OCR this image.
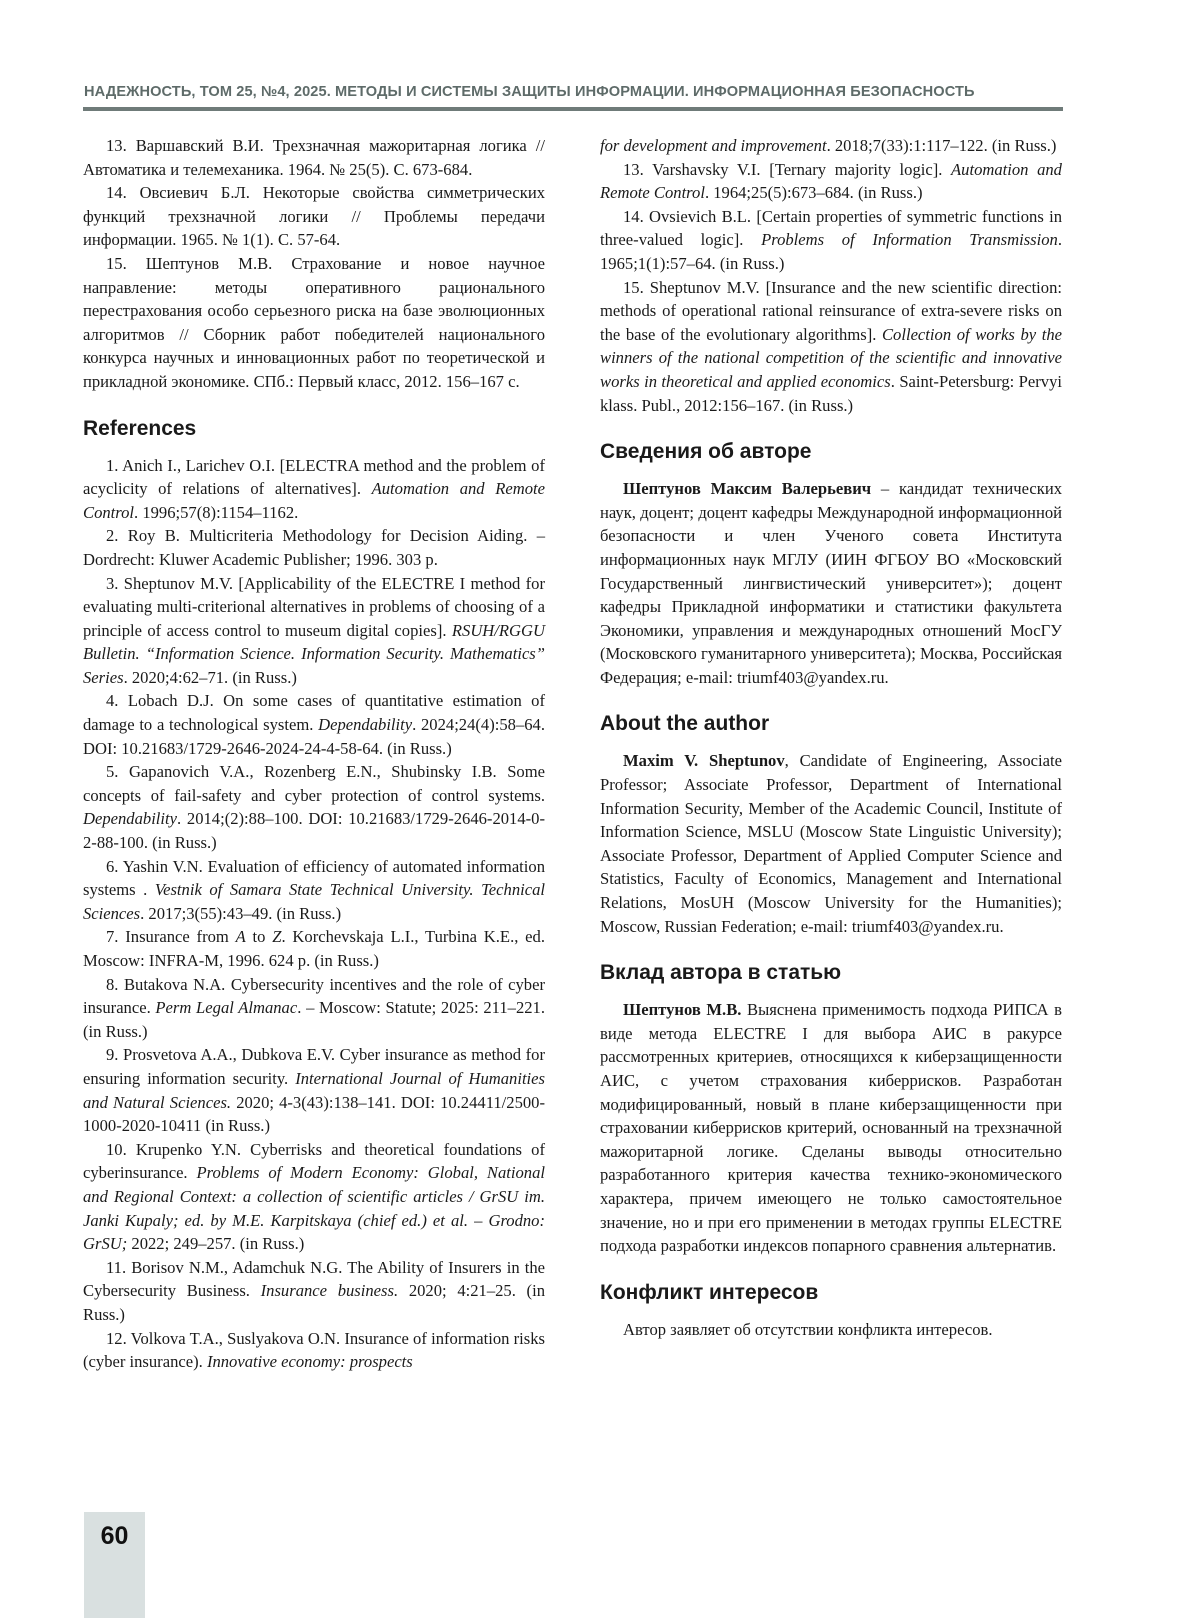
НАДЕЖНОСТЬ, ТОМ 25, №4, 2025. МЕТОДЫ И СИСТЕМЫ ЗАЩИТЫ ИНФОРМАЦИИ. ИНФОРМАЦИОННАЯ БЕЗОПАСНОСТЬ

13. Варшавский В.И. Трехзначная мажоритарная логика // Автоматика и телемеханика. 1964. № 25(5). С. 673-684.

14. Овсиевич Б.Л. Некоторые свойства симметрических функций трехзначной логики // Проблемы передачи информации. 1965. № 1(1). С. 57-64.

15. Шептунов М.В. Страхование и новое научное направление: методы оперативного рационального перестрахования особо серьезного риска на базе эволюционных алгоритмов // Сборник работ победителей национального конкурса научных и инновационных работ по теоретической и прикладной экономике. СПб.: Первый класс, 2012. 156–167 с.

References

1. Anich I., Larichev O.I. [ELECTRA method and the problem of acyclicity of relations of alternatives]. Automation and Remote Control. 1996;57(8):1154–1162.

2. Roy B. Multicriteria Methodology for Decision Aiding. – Dordrecht: Kluwer Academic Publisher; 1996. 303 p.

3. Sheptunov M.V. [Applicability of the ELECTRE I method for evaluating multi-criterional alternatives in problems of choosing of a principle of access control to museum digital copies]. RSUH/RGGU Bulletin. “Information Science. Information Security. Mathematics” Series. 2020;4:62–71. (in Russ.)

4. Lobach D.J. On some cases of quantitative estimation of damage to a technological system. Dependability. 2024;24(4):58–64. DOI: 10.21683/1729-2646-2024-24-4-58-64. (in Russ.)

5. Gapanovich V.A., Rozenberg E.N., Shubinsky I.B. Some concepts of fail-safety and cyber protection of control systems. Dependability. 2014;(2):88–100. DOI: 10.21683/1729-2646-2014-0-2-88-100. (in Russ.)

6. Yashin V.N. Evaluation of efficiency of automated information systems . Vestnik of Samara State Technical University. Technical Sciences. 2017;3(55):43–49. (in Russ.)

7. Insurance from A to Z. Korchevskaja L.I., Turbina K.E., ed. Moscow: INFRA-M, 1996. 624 p. (in Russ.)

8. Butakova N.A. Cybersecurity incentives and the role of cyber insurance. Perm Legal Almanac. – Moscow: Statute; 2025: 211–221. (in Russ.)

9. Prosvetova A.A., Dubkova E.V. Cyber insurance as method for ensuring information security. International Journal of Humanities and Natural Sciences. 2020; 4-3(43):138–141. DOI: 10.24411/2500-1000-2020-10411 (in Russ.)

10. Krupenko Y.N. Cyberrisks and theoretical foundations of cyberinsurance. Problems of Modern Economy: Global, National and Regional Context: a collection of scientific articles / GrSU im. Janki Kupaly; ed. by M.E. Karpitskaya (chief ed.) et al. – Grodno: GrSU; 2022; 249–257. (in Russ.)

11. Borisov N.M., Adamchuk N.G. The Ability of Insurers in the Cybersecurity Business. Insurance business. 2020; 4:21–25. (in Russ.)

12. Volkova T.A., Suslyakova O.N. Insurance of information risks (cyber insurance). Innovative economy: prospects

for development and improvement. 2018;7(33):1:117–122. (in Russ.)

13. Varshavsky V.I. [Ternary majority logic]. Automation and Remote Control. 1964;25(5):673–684. (in Russ.)

14. Ovsievich B.L. [Certain properties of symmetric functions in three-valued logic]. Problems of Information Transmission. 1965;1(1):57–64. (in Russ.)

15. Sheptunov M.V. [Insurance and the new scientific direction: methods of operational rational reinsurance of extra-severe risks on the base of the evolutionary algorithms]. Collection of works by the winners of the national competition of the scientific and innovative works in theoretical and applied economics. Saint-Petersburg: Pervyi klass. Publ., 2012:156–167. (in Russ.)

Сведения об авторе

Шептунов Максим Валерьевич – кандидат технических наук, доцент; доцент кафедры Международной информационной безопасности и член Ученого совета Института информационных наук МГЛУ (ИИН ФГБОУ ВО «Московский Государственный лингвистический университет»); доцент кафедры Прикладной информатики и статистики факультета Экономики, управления и международных отношений МосГУ (Московского гуманитарного университета); Москва, Российская Федерация; e-mail: triumf403@yandex.ru.

About the author

Maxim V. Sheptunov, Candidate of Engineering, Associate Professor; Associate Professor, Department of International Information Security, Member of the Academic Council, Institute of Information Science, MSLU (Moscow State Linguistic University); Associate Professor, Department of Applied Computer Science and Statistics, Faculty of Economics, Management and International Relations, MosUH (Moscow University for the Humanities); Moscow, Russian Federation; e-mail: triumf403@yandex.ru.

Вклад автора в статью

Шептунов М.В. Выяснена применимость подхода РИПСА в виде метода ELECTRE I для выбора АИС в ракурсе рассмотренных критериев, относящихся к киберзащищенности АИС, с учетом страхования киберрисков. Разработан модифицированный, новый в плане киберзащищенности при страховании киберрисков критерий, основанный на трехзначной мажоритарной логике. Сделаны выводы относительно разработанного критерия качества технико-экономического характера, причем имеющего не только самостоятельное значение, но и при его применении в методах группы ELECTRE подхода разработки индексов попарного сравнения альтернатив.

Конфликт интересов

Автор заявляет об отсутствии конфликта интересов.

60
